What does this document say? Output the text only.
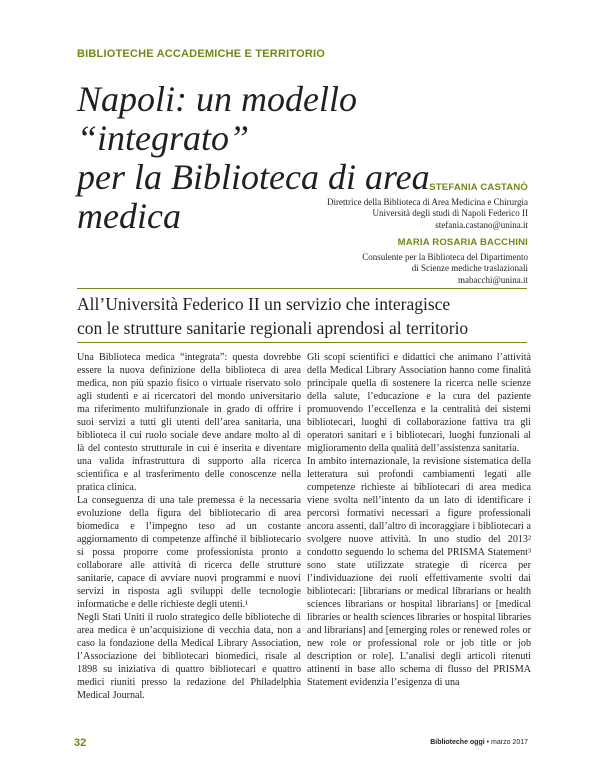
BIBLIOTECHE ACCADEMICHE E TERRITORIO
Napoli: un modello “integrato”
per la Biblioteca di area medica
STEFANIA CASTANÒ
Direttrice della Biblioteca di Area Medicina e Chirurgia
Università degli studi di Napoli Federico II
stefania.castano@unina.it
MARIA ROSARIA BACCHINI
Consulente per la Biblioteca del Dipartimento
di Scienze mediche traslazionali
mabacchi@unina.it
All’Università Federico II un servizio che interagisce
con le strutture sanitarie regionali aprendosi al territorio

Una Biblioteca medica “integrata”: questa dovrebbe essere la nuova definizione della biblioteca di area medica, non più spazio fisico o virtuale riservato solo agli studenti e ai ricercatori del mondo universitario ma riferimento multifunzionale in grado di offrire i suoi servizi a tutti gli utenti dell’area sanitaria, una biblioteca il cui ruolo sociale deve andare molto al di là del contesto strutturale in cui è inserita e diventare una valida infrastruttura di supporto alla ricerca scientifica e al trasferimento delle conoscenze nella pratica clinica.

La conseguenza di una tale premessa è la necessaria evoluzione della figura del bibliotecario di area biomedica e l’impegno teso ad un costante aggiornamento di competenze affinché il bibliotecario si possa proporre come professionista pronto a collaborare alle attività di ricerca delle strutture sanitarie, capace di avviare nuovi programmi e nuovi servizi in risposta agli sviluppi delle tecnologie informatiche e delle richieste degli utenti.¹

Negli Stati Uniti il ruolo strategico delle biblioteche di area medica è un’acquisizione di vecchia data, non a caso la fondazione della Medical Library Association, l’Associazione dei bibliotecari biomedici, risale al 1898 su iniziativa di quattro bibliotecari e quattro medici riuniti presso la redazione del Philadelphia Medical Journal.

Gli scopi scientifici e didattici che animano l’attività della Medical Library Association hanno come finalità principale quella di sostenere la ricerca nelle scienze della salute, l’educazione e la cura del paziente promuovendo l’eccellenza e la centralità dei sistemi bibliotecari, luoghi di collaborazione fattiva tra gli operatori sanitari e i bibliotecari, luoghi funzionali al miglioramento della qualità dell’assistenza sanitaria.

In ambito internazionale, la revisione sistematica della letteratura sui profondi cambiamenti legati alle competenze richieste ai bibliotecari di area medica viene svolta nell’intento da un lato di identificare i percorsi formativi necessari a figure professionali ancora assenti, dall’altro di incoraggiare i bibliotecari a svolgere nuove attività. In uno studio del 2013² condotto seguendo lo schema del PRISMA Statement³ sono state utilizzate strategie di ricerca per l’individuazione dei ruoli effettivamente svolti dai bibliotecari: [librarians or medical librarians or health sciences librarians or hospital librarians] or [medical libraries or health sciences libraries or hospital libraries and librarians] and [emerging roles or renewed roles or new role or professional role or job title or job description or role]. L’analisi degli articoli ritenuti attinenti in base allo schema di flusso del PRISMA Statement evidenzia l’esigenza di una

32	Biblioteche oggi • marzo 2017
